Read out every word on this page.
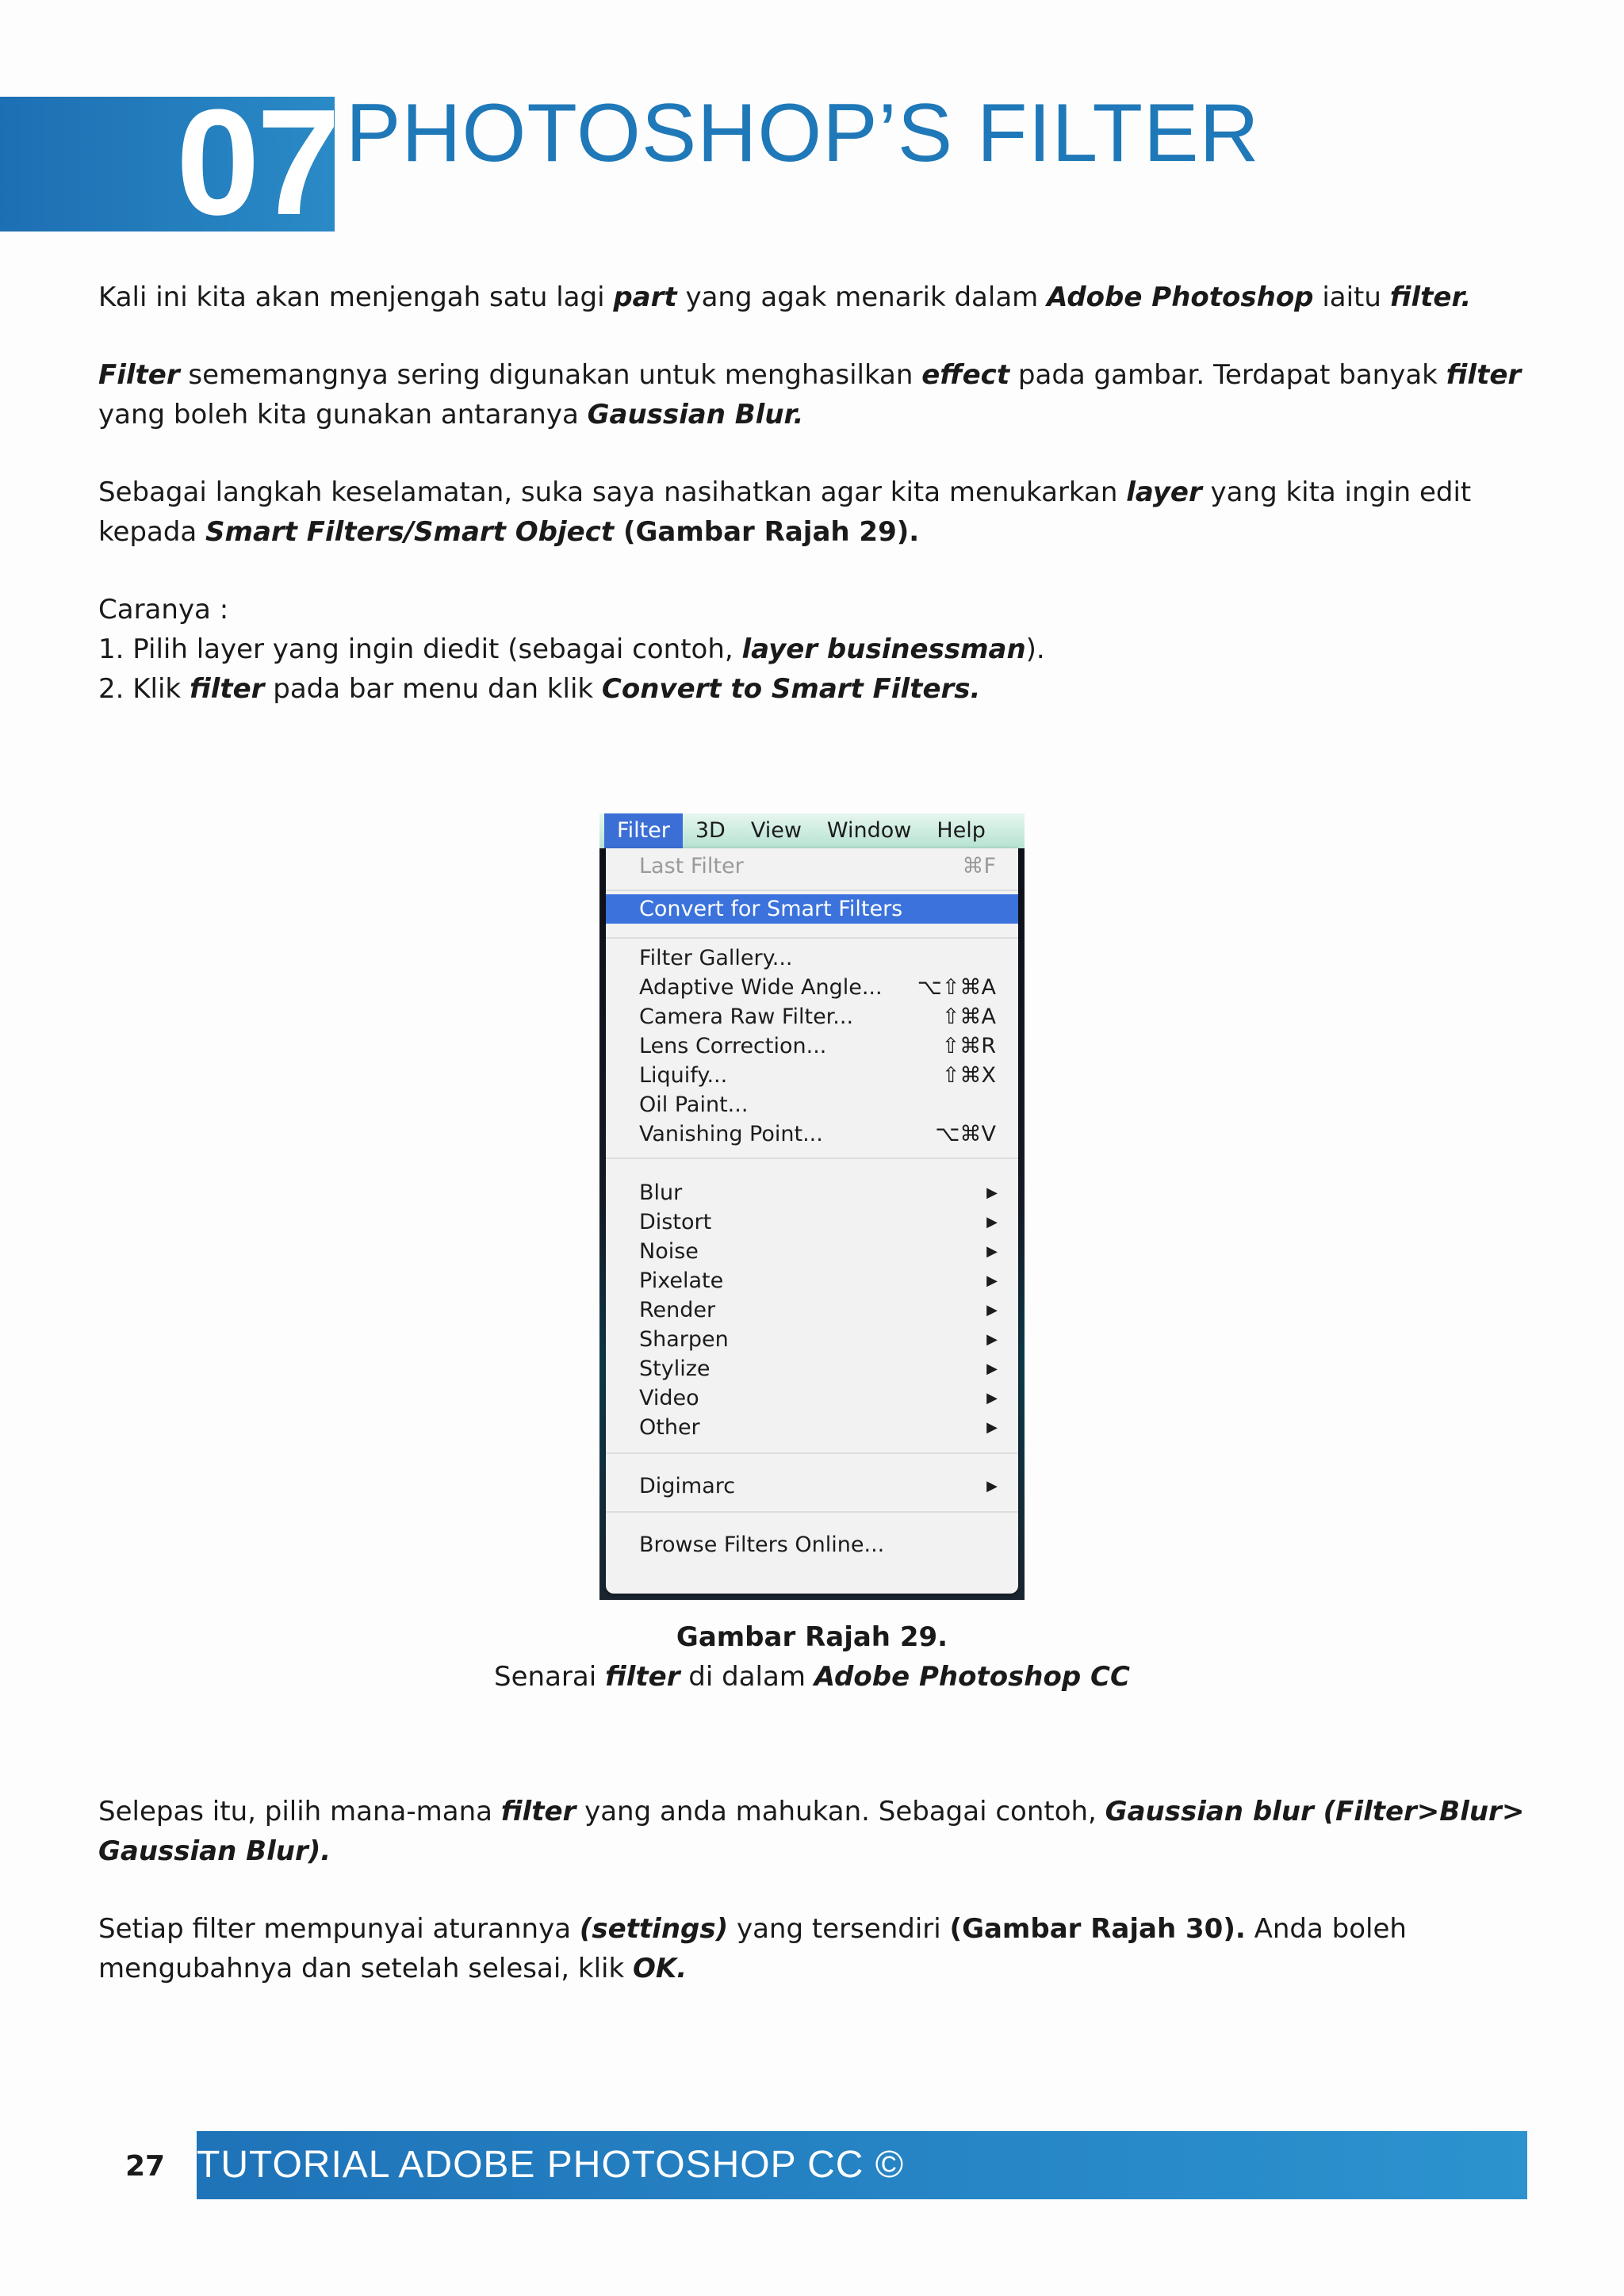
07 PHOTOSHOP’S FILTER
Kali ini kita akan menjengah satu lagi part yang agak menarik dalam Adobe Photoshop iaitu filter.
Filter sememangnya sering digunakan untuk menghasilkan effect pada gambar. Terdapat banyak filter yang boleh kita gunakan antaranya Gaussian Blur.
Sebagai langkah keselamatan, suka saya nasihatkan agar kita menukarkan layer yang kita ingin edit kepada Smart Filters/Smart Object (Gambar Rajah 29).
Caranya :
1. Pilih layer yang ingin diedit (sebagai contoh, layer businessman).
2. Klik filter pada bar menu dan klik Convert to Smart Filters.
Filter	3D	View	Window	Help
Last Filter	⌘F
Convert for Smart Filters
Filter Gallery...
Adaptive Wide Angle... ⌥⇧⌘A
Camera Raw Filter...	⇧⌘A
Lens Correction...	⇧⌘R
Liquify...	⇧⌘X
Oil Paint...
Vanishing Point...	⌥⌘V
Blur	▶
Distort	▶
Noise	▶
Pixelate	▶
Render	▶
Sharpen	▶
Stylize	▶
Video	▶
Other	▶
Digimarc	▶
Browse Filters Online...
Gambar Rajah 29.
Senarai filter di dalam Adobe Photoshop CC
Selepas itu, pilih mana-mana filter yang anda mahukan. Sebagai contoh, Gaussian blur (Filter>Blur> Gaussian Blur).
Setiap filter mempunyai aturannya (settings) yang tersendiri (Gambar Rajah 30). Anda boleh mengubahnya dan setelah selesai, klik OK.
27 TUTORIAL ADOBE PHOTOSHOP CC ©
